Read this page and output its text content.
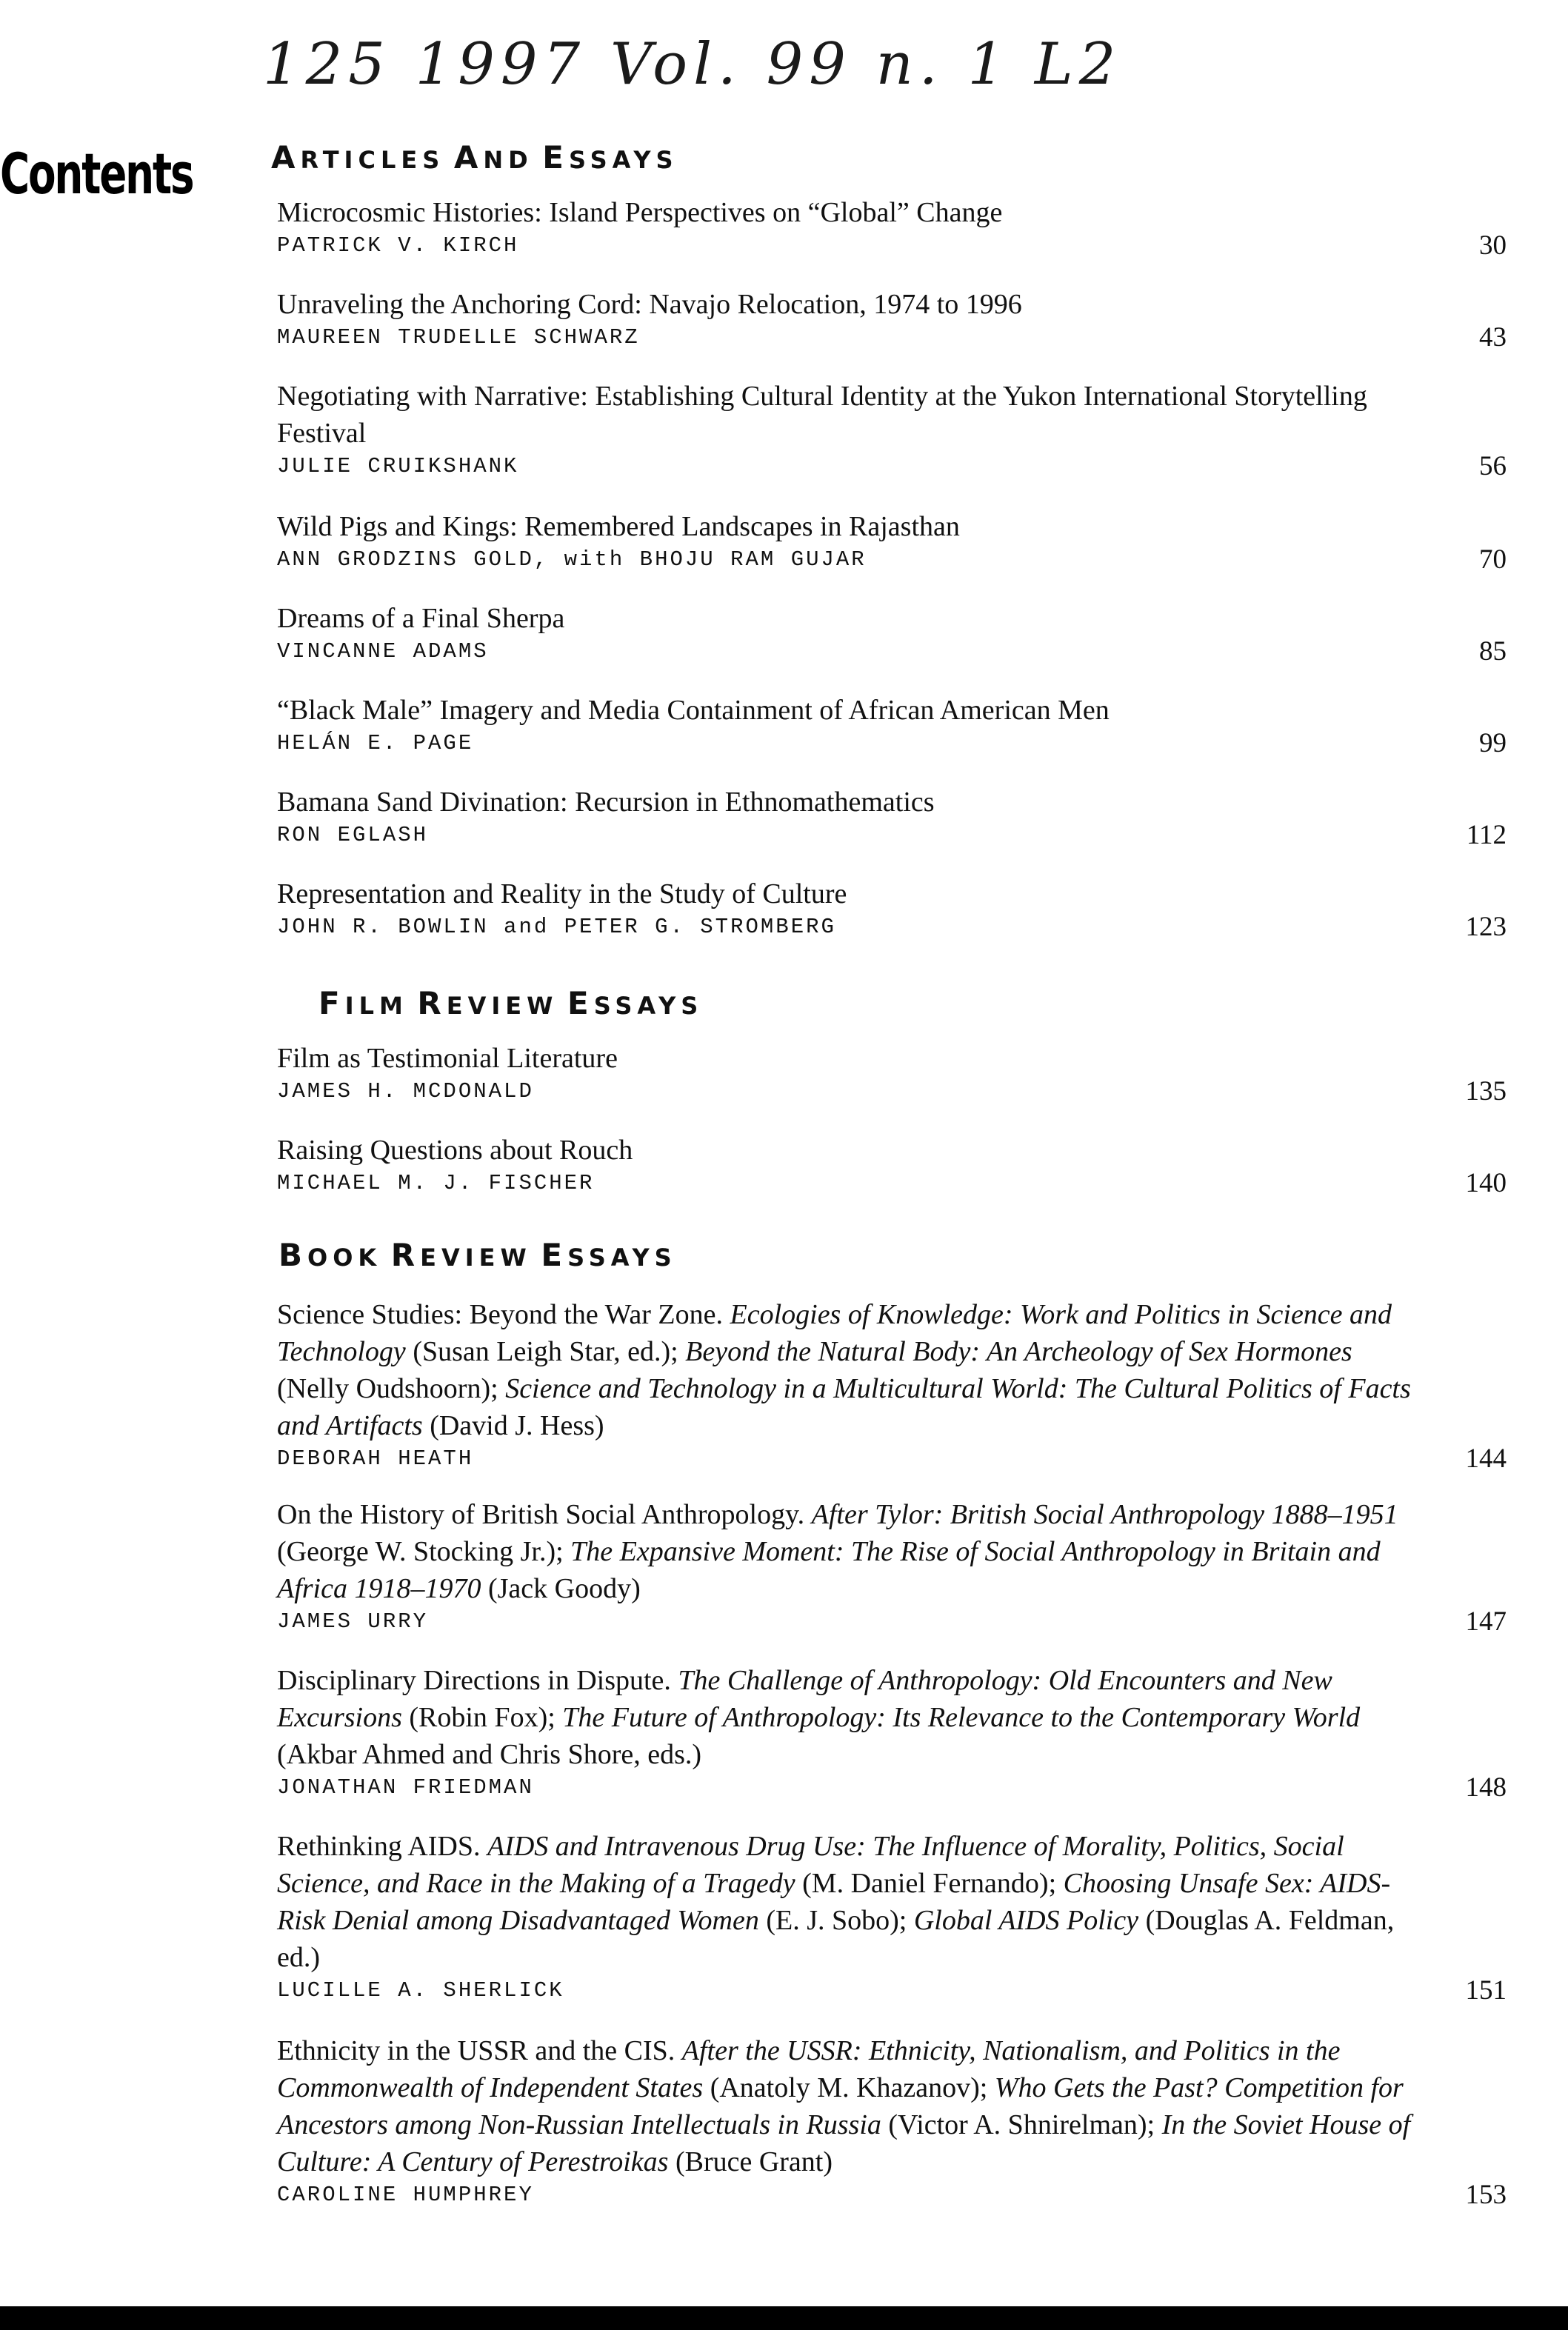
125 1997 Vol. 99 n. 1 L2
Contents	ARTICLES AND ESSAYS
Microcosmic Histories: Island Perspectives on “Global” Change
PATRICK V. KIRCH	30
Unraveling the Anchoring Cord: Navajo Relocation, 1974 to 1996
MAUREEN TRUDELLE SCHWARZ	43
Negotiating with Narrative: Establishing Cultural Identity at the Yukon International Storytelling Festival
JULIE CRUIKSHANK	56
Wild Pigs and Kings: Remembered Landscapes in Rajasthan
ANN GRODZINS GOLD, with BHOJU RAM GUJAR	70
Dreams of a Final Sherpa
VINCANNE ADAMS	85
“Black Male” Imagery and Media Containment of African American Men
HELÁN E. PAGE	99
Bamana Sand Divination: Recursion in Ethnomathematics
RON EGLASH	112
Representation and Reality in the Study of Culture
JOHN R. BOWLIN and PETER G. STROMBERG	123
FILM REVIEW ESSAYS
Film as Testimonial Literature
JAMES H. MCDONALD	135
Raising Questions about Rouch
MICHAEL M. J. FISCHER	140
BOOK REVIEW ESSAYS
Science Studies: Beyond the War Zone. Ecologies of Knowledge: Work and Politics in Science and Technology (Susan Leigh Star, ed.); Beyond the Natural Body: An Archeology of Sex Hormones (Nelly Oudshoorn); Science and Technology in a Multicultural World: The Cultural Politics of Facts and Artifacts (David J. Hess)
DEBORAH HEATH	144
On the History of British Social Anthropology. After Tylor: British Social Anthropology 1888–1951 (George W. Stocking Jr.); The Expansive Moment: The Rise of Social Anthropology in Britain and Africa 1918–1970 (Jack Goody)
JAMES URRY	147
Disciplinary Directions in Dispute. The Challenge of Anthropology: Old Encounters and New Excursions (Robin Fox); The Future of Anthropology: Its Relevance to the Contemporary World (Akbar Ahmed and Chris Shore, eds.)
JONATHAN FRIEDMAN	148
Rethinking AIDS. AIDS and Intravenous Drug Use: The Influence of Morality, Politics, Social Science, and Race in the Making of a Tragedy (M. Daniel Fernando); Choosing Unsafe Sex: AIDS-Risk Denial among Disadvantaged Women (E. J. Sobo); Global AIDS Policy (Douglas A. Feldman, ed.)
LUCILLE A. SHERLICK	151
Ethnicity in the USSR and the CIS. After the USSR: Ethnicity, Nationalism, and Politics in the Commonwealth of Independent States (Anatoly M. Khazanov); Who Gets the Past? Competition for Ancestors among Non-Russian Intellectuals in Russia (Victor A. Shnirelman); In the Soviet House of Culture: A Century of Perestroikas (Bruce Grant)
CAROLINE HUMPHREY	153
